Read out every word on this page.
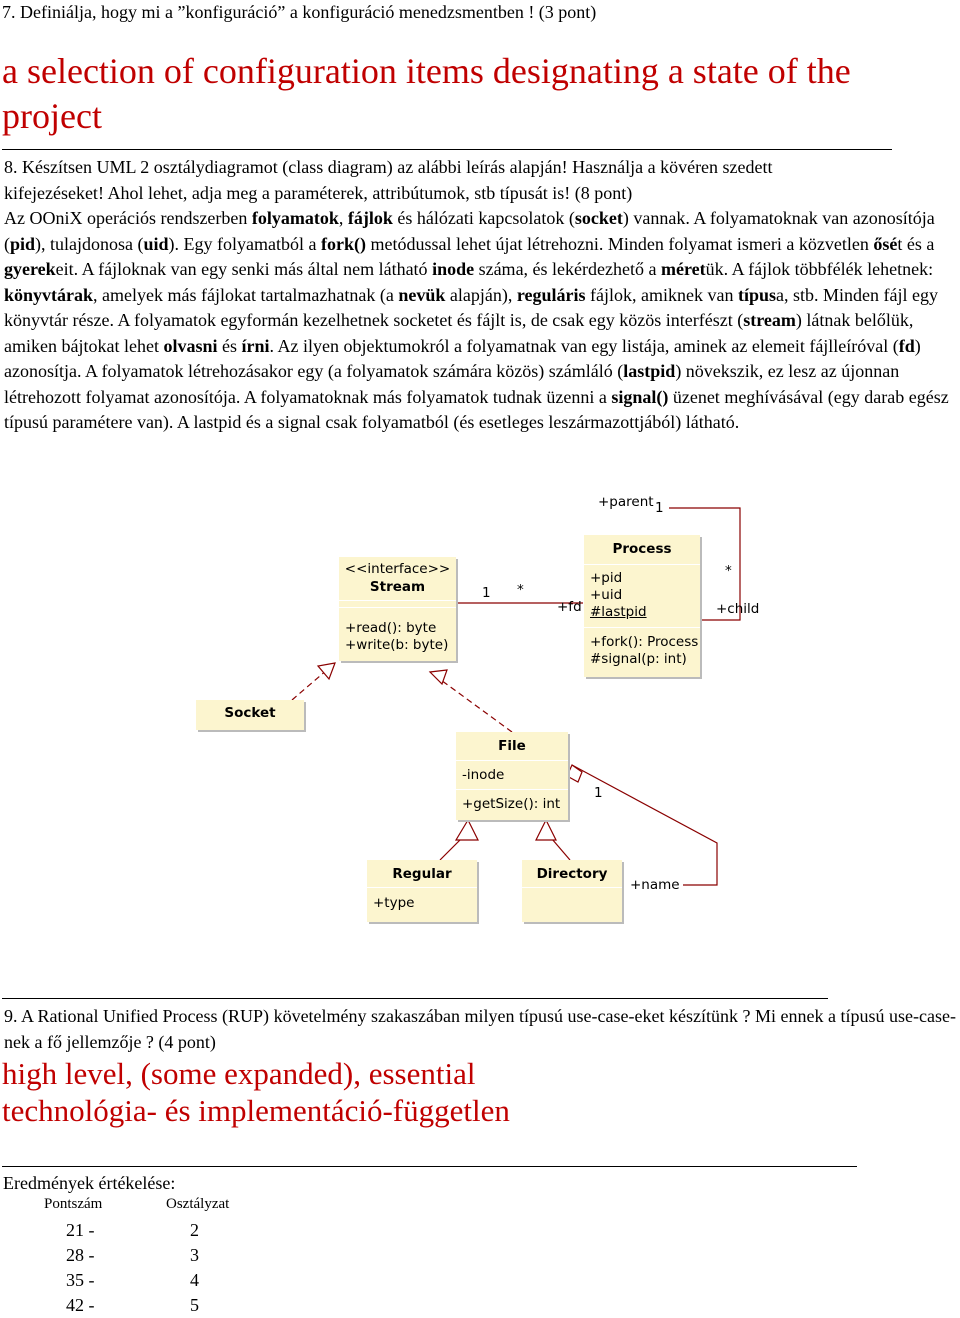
7. Definiálja, hogy mi a ”konfiguráció” a konfiguráció menedzsmentben ! (3 pont)
a selection of configuration items designating a state of the
project
8. Készítsen UML 2 osztálydiagramot (class diagram) az alábbi leírás alapján! Használja a kövéren szedett
kifejezéseket! Ahol lehet, adja meg a paraméterek, attribútumok, stb típusát is! (8 pont)
Az OOniX operációs rendszerben folyamatok, fájlok és hálózati kapcsolatok (socket) vannak. A folyamatoknak van azonosítója (pid), tulajdonosa (uid). Egy folyamatból a fork() metódussal lehet újat létrehozni. Minden folyamat ismeri a közvetlen ősét és a gyerekeit. A fájloknak van egy senki más által nem látható inode száma, és lekérdezhető a méretük. A fájlok többfélék lehetnek: könyvtárak, amelyek más fájlokat tartalmazhatnak (a nevük alapján), reguláris fájlok, amiknek van típusa, stb. Minden fájl egy könyvtár része. A folyamatok egyformán kezelhetnek socketet és fájlt is, de csak egy közös interfészt (stream) látnak belőlük, amiken bájtokat lehet olvasni és írni. Az ilyen objektumokról a folyamatnak van egy listája, aminek az elemeit fájlleíróval (fd) azonosítja. A folyamatok létrehozásakor egy (a folyamatok számára közös) számláló (lastpid) növekszik, ez lesz az újonnan létrehozott folyamat azonosítója. A folyamatoknak más folyamatok tudnak üzenni a signal() üzenet meghívásával (egy darab egész típusú paramétere van). A lastpid és a signal csak folyamatból (és esetleges leszármazottjából) látható.
<<interface>>
Stream
+read(): byte
+write(b: byte)
Process
+pid
+uid
#lastpid
+fork(): Process
#signal(p: int)
Socket
File
-inode
+getSize(): int
Regular
+type
Directory
+parent 1
*
+child
1 *
+fd
1
+name
9. A Rational Unified Process (RUP) követelmény szakaszában milyen típusú use-case-eket készítünk ? Mi ennek a típusú use-case-nek a fő jellemzője ? (4 pont)
high level, (some expanded), essential
technológia- és implementáció-független
Eredmények értékelése:
Pontszám	Osztályzat
21 -	2
28 -	3
35 -	4
42 -	5
